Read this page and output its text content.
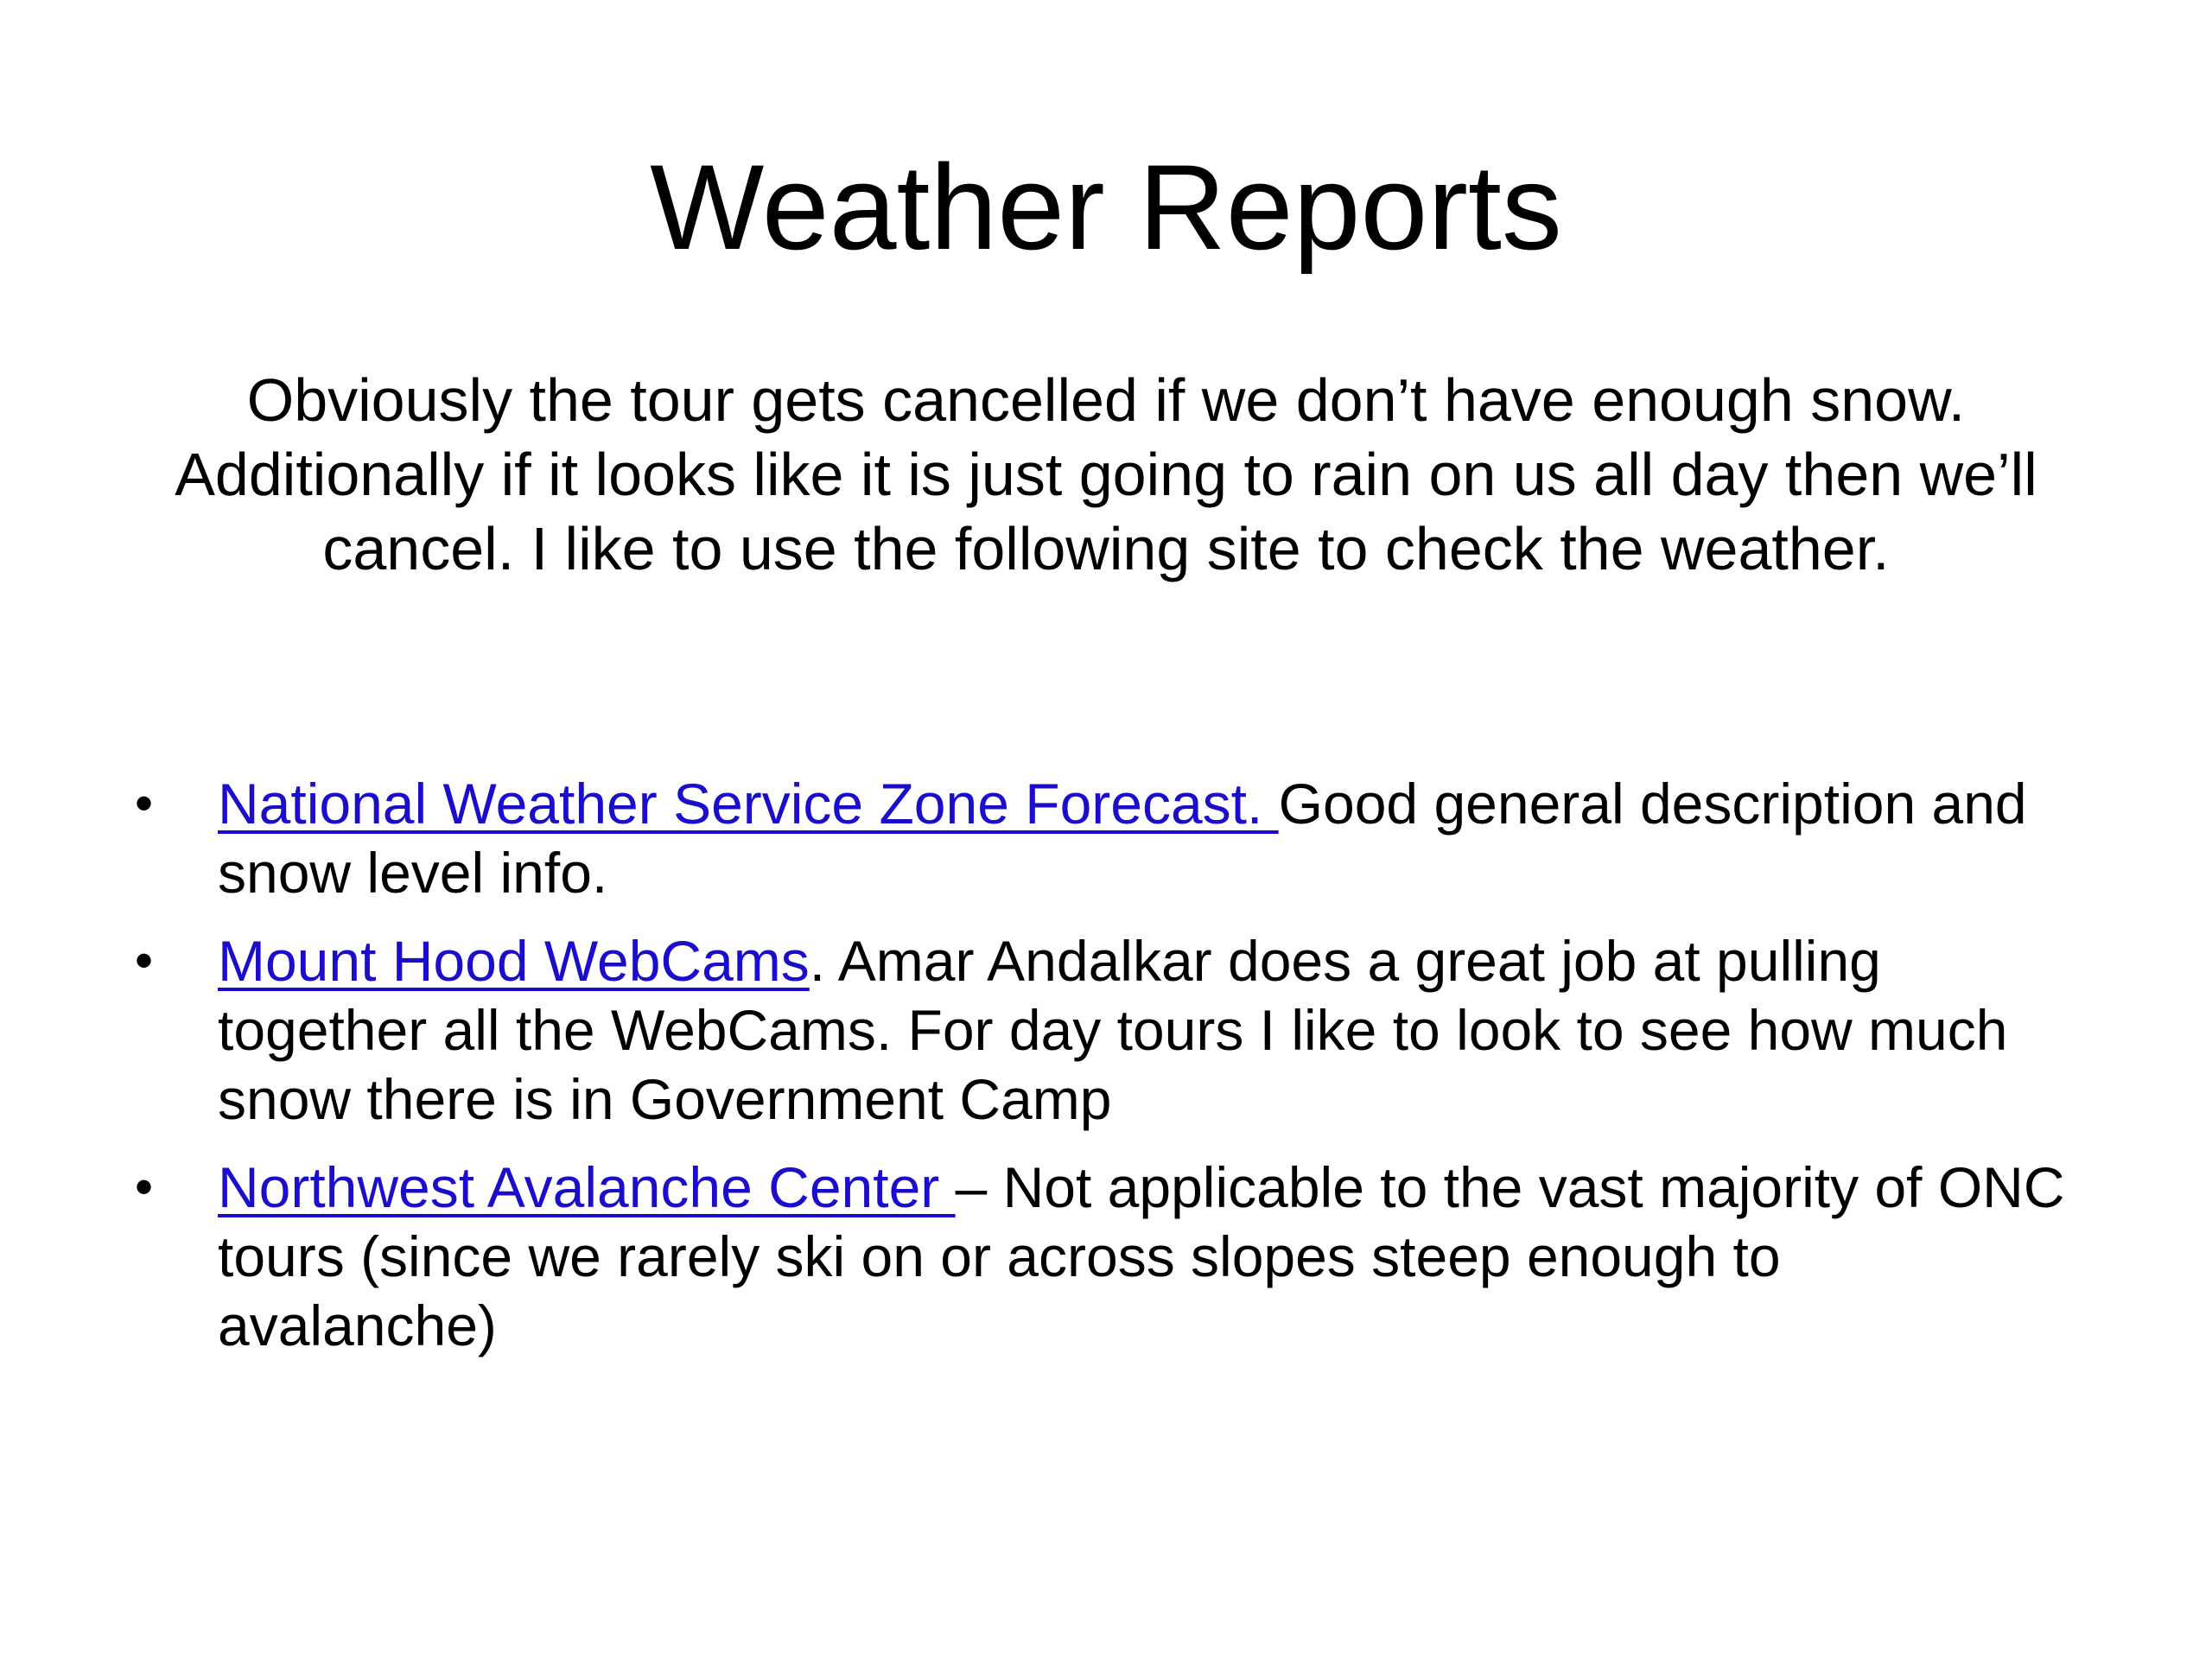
Weather Reports

Obviously the tour gets cancelled if we don’t have enough snow. Additionally if it looks like it is just going to rain on us all day then we’ll cancel. I like to use the following site to check the weather.

• National Weather Service Zone Forecast. Good general description and snow level info.
• Mount Hood WebCams. Amar Andalkar does a great job at pulling together all the WebCams. For day tours I like to look to see how much snow there is in Government Camp
• Northwest Avalanche Center – Not applicable to the vast majority of ONC tours (since we rarely ski on or across slopes steep enough to avalanche)
